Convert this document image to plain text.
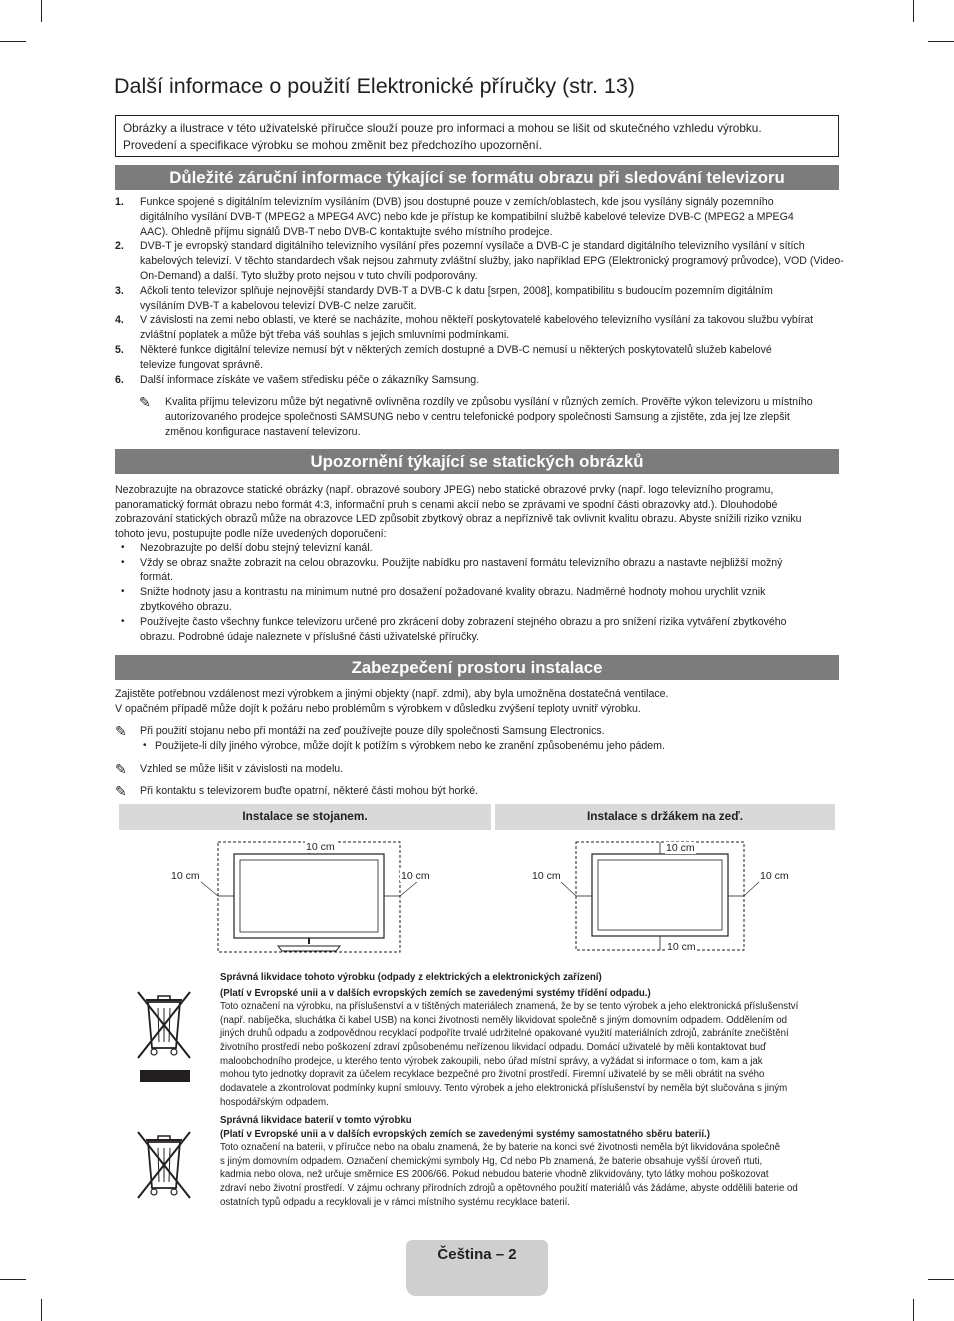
Další informace o použití Elektronické příručky (str. 13)
Obrázky a ilustrace v této uživatelské příručce slouží pouze pro informaci a mohou se lišit od skutečného vzhledu výrobku.
Provedení a specifikace výrobku se mohou změnit bez předchozího upozornění.
Důležité záruční informace týkající se formátu obrazu při sledování televizoru
1. Funkce spojené s digitálním televizním vysíláním (DVB) jsou dostupné pouze v zemích/oblastech, kde jsou vysílány signály pozemního
digitálního vysílání DVB-T (MPEG2 a MPEG4 AVC) nebo kde je přístup ke kompatibilní službě kabelové televize DVB-C (MPEG2 a MPEG4
AAC). Ohledně příjmu signálů DVB-T nebo DVB-C kontaktujte svého místního prodejce.
2. DVB-T je evropský standard digitálního televizního vysílání přes pozemní vysílače a DVB-C je standard digitálního televizního vysílání v sítích
kabelových televizí. V těchto standardech však nejsou zahrnuty zvláštní služby, jako například EPG (Elektronický programový průvodce), VOD (Video-
On-Demand) a další. Tyto služby proto nejsou v tuto chvíli podporovány.
3. Ačkoli tento televizor splňuje nejnovější standardy DVB-T a DVB-C k datu [srpen, 2008], kompatibilitu s budoucím pozemním digitálním
vysíláním DVB-T a kabelovou televizí DVB-C nelze zaručit.
4. V závislosti na zemi nebo oblasti, ve které se nacházíte, mohou někteří poskytovatelé kabelového televizního vysílání za takovou službu vybírat
zvláštní poplatek a může být třeba váš souhlas s jejich smluvními podmínkami.
5. Některé funkce digitální televize nemusí být v některých zemích dostupné a DVB-C nemusí u některých poskytovatelů služeb kabelové
televize fungovat správně.
6. Další informace získáte ve vašem středisku péče o zákazníky Samsung.
✎ Kvalita příjmu televizoru může být negativně ovlivněna rozdíly ve způsobu vysílání v různých zemích. Prověřte výkon televizoru u místního
autorizovaného prodejce společnosti SAMSUNG nebo v centru telefonické podpory společnosti Samsung a zjistěte, zda jej lze zlepšit
změnou konfigurace nastavení televizoru.
Upozornění týkající se statických obrázků
Nezobrazujte na obrazovce statické obrázky (např. obrazové soubory JPEG) nebo statické obrazové prvky (např. logo televizního programu,
panoramatický formát obrazu nebo formát 4:3, informační pruh s cenami akcií nebo se zprávami ve spodní části obrazovky atd.). Dlouhodobé
zobrazování statických obrazů může na obrazovce LED způsobit zbytkový obraz a nepříznivě tak ovlivnit kvalitu obrazu. Abyste snížili riziko vzniku
tohoto jevu, postupujte podle níže uvedených doporučení:
• Nezobrazujte po delší dobu stejný televizní kanál.
• Vždy se obraz snažte zobrazit na celou obrazovku. Použijte nabídku pro nastavení formátu televizního obrazu a nastavte nejbližší možný
formát.
• Snižte hodnoty jasu a kontrastu na minimum nutné pro dosažení požadované kvality obrazu. Nadměrné hodnoty mohou urychlit vznik
zbytkového obrazu.
• Používejte často všechny funkce televizoru určené pro zkrácení doby zobrazení stejného obrazu a pro snížení rizika vytváření zbytkového
obrazu. Podrobné údaje naleznete v příslušné části uživatelské příručky.
Zabezpečení prostoru instalace
Zajistěte potřebnou vzdálenost mezi výrobkem a jinými objekty (např. zdmi), aby byla umožněna dostatečná ventilace.
V opačném případě může dojít k požáru nebo problémům s výrobkem v důsledku zvýšení teploty uvnitř výrobku.
✎ Při použití stojanu nebo při montáži na zeď používejte pouze díly společnosti Samsung Electronics.
• Použijete-li díly jiného výrobce, může dojít k potížím s výrobkem nebo ke zranění způsobenému jeho pádem.
✎ Vzhled se může lišit v závislosti na modelu.
✎ Při kontaktu s televizorem buďte opatrní, některé části mohou být horké.
Instalace se stojanem.	Instalace s držákem na zeď.
10 cm
10 cm	10 cm
10 cm
10 cm	10 cm
10 cm
Správná likvidace tohoto výrobku (odpady z elektrických a elektronických zařízení)
(Platí v Evropské unii a v dalších evropských zemích se zavedenými systémy třídění odpadu.)
Toto označení na výrobku, na příslušenství a v tištěných materiálech znamená, že by se tento výrobek a jeho elektronická příslušenství
(např. nabíječka, sluchátka či kabel USB) na konci životnosti neměly likvidovat společně s jiným domovním odpadem. Oddělením od
jiných druhů odpadu a zodpovědnou recyklací podpoříte trvalé udržitelné opakované využití materiálních zdrojů, zabráníte znečištění
životního prostředí nebo poškození zdraví způsobenému neřízenou likvidací odpadu. Domácí uživatelé by měli kontaktovat buď
maloobchodního prodejce, u kterého tento výrobek zakoupili, nebo úřad místní správy, a vyžádat si informace o tom, kam a jak
mohou tyto jednotky dopravit za účelem recyklace bezpečné pro životní prostředí. Firemní uživatelé by se měli obrátit na svého
dodavatele a zkontrolovat podmínky kupní smlouvy. Tento výrobek a jeho elektronická příslušenství by neměla být slučována s jiným
hospodářským odpadem.
Správná likvidace baterií v tomto výrobku
(Platí v Evropské unii a v dalších evropských zemích se zavedenými systémy samostatného sběru baterií.)
Toto označení na baterii, v příručce nebo na obalu znamená, že by baterie na konci své životnosti neměla být likvidována společně
s jiným domovním odpadem. Označení chemickými symboly Hg, Cd nebo Pb znamená, že baterie obsahuje vyšší úroveň rtuti,
kadmia nebo olova, než určuje směrnice ES 2006/66. Pokud nebudou baterie vhodně zlikvidovány, tyto látky mohou poškozovat
zdraví nebo životní prostředí. V zájmu ochrany přírodních zdrojů a opětovného použití materiálů vás žádáme, abyste oddělili baterie od
ostatních typů odpadu a recyklovali je v rámci místního systému recyklace baterií.
Čeština – 2
